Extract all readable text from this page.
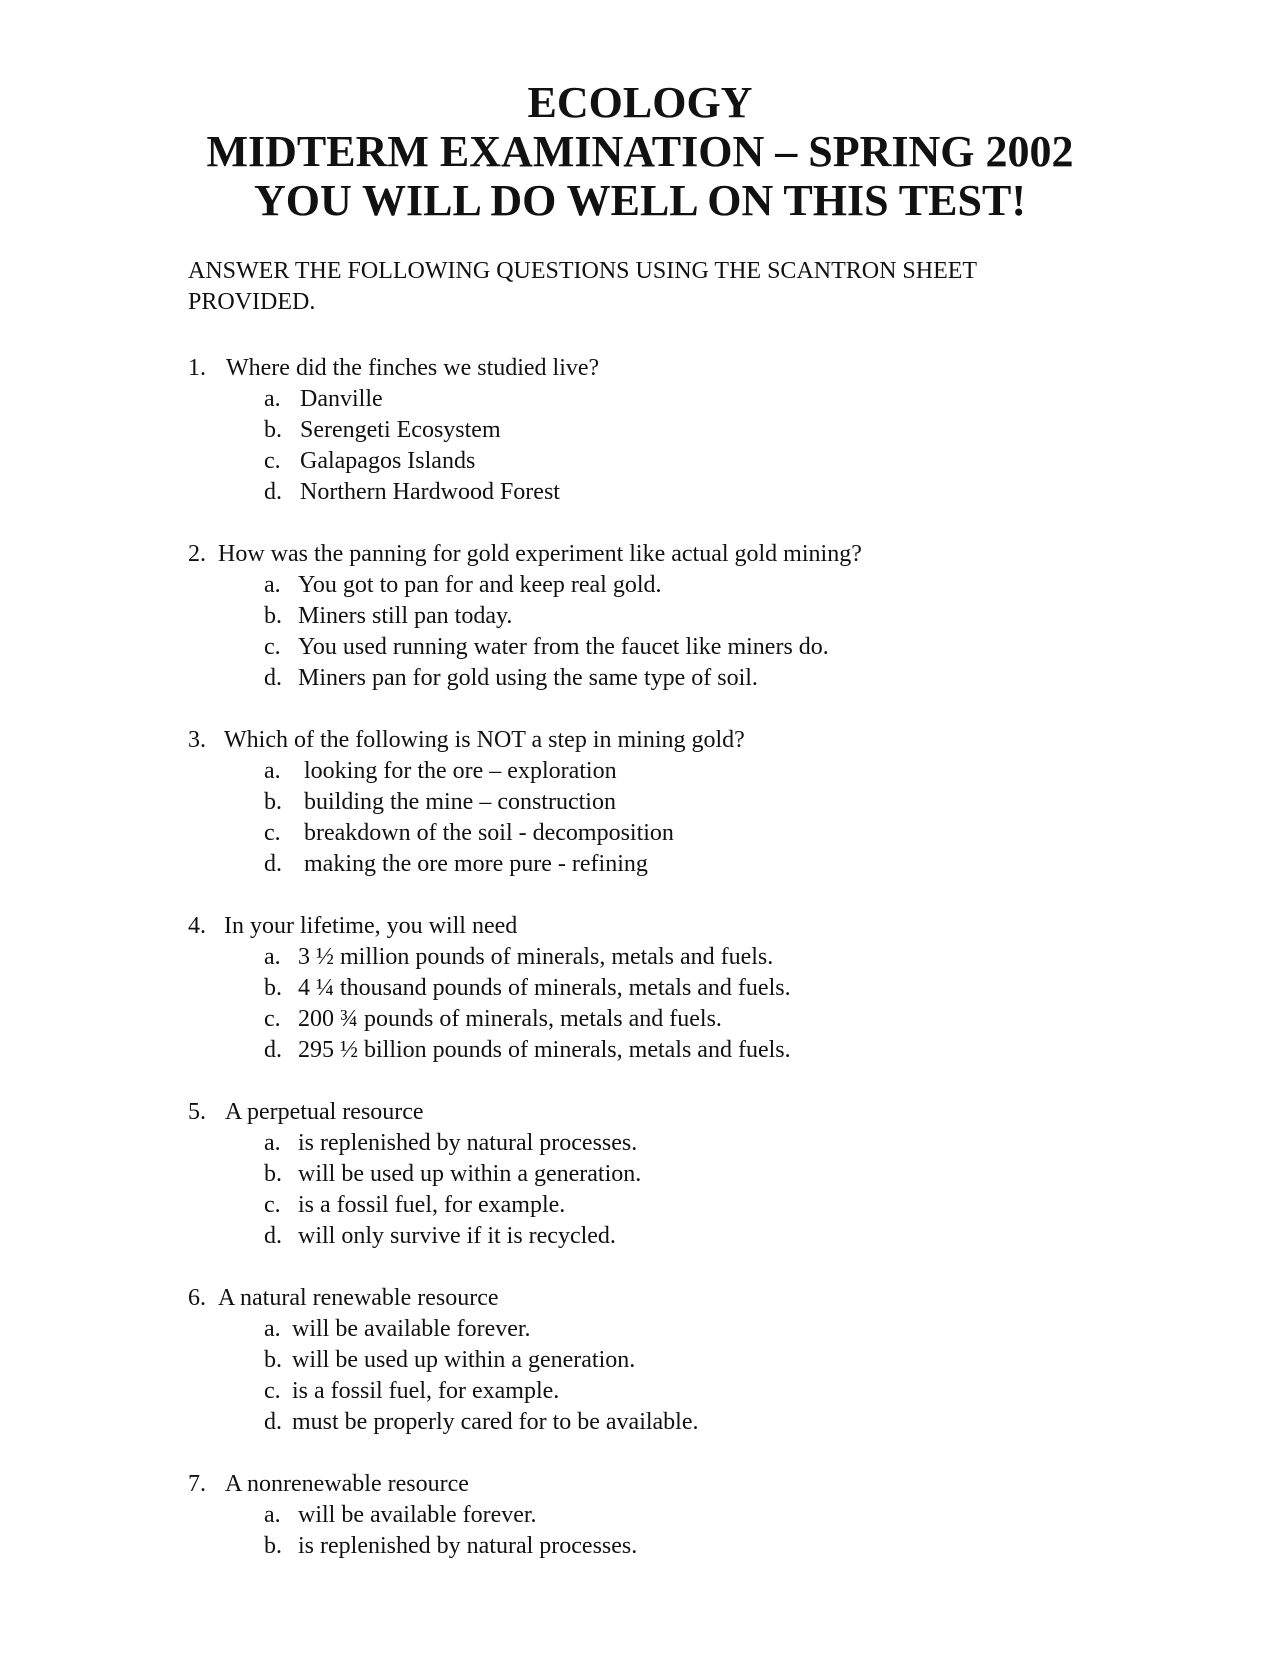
ECOLOGY
MIDTERM EXAMINATION – SPRING 2002
YOU WILL DO WELL ON THIS TEST!
ANSWER THE FOLLOWING QUESTIONS USING THE SCANTRON SHEET PROVIDED.
1. Where did the finches we studied live?
a. Danville
b. Serengeti Ecosystem
c. Galapagos Islands
d. Northern Hardwood Forest
2. How was the panning for gold experiment like actual gold mining?
a. You got to pan for and keep real gold.
b. Miners still pan today.
c. You used running water from the faucet like miners do.
d. Miners pan for gold using the same type of soil.
3. Which of the following is NOT a step in mining gold?
a. looking for the ore – exploration
b. building the mine – construction
c. breakdown of the soil - decomposition
d. making the ore more pure - refining
4. In your lifetime, you will need
a. 3 ½ million pounds of minerals, metals and fuels.
b. 4 ¼ thousand pounds of minerals, metals and fuels.
c. 200 ¾ pounds of minerals, metals and fuels.
d. 295 ½ billion pounds of minerals, metals and fuels.
5. A perpetual resource
a. is replenished by natural processes.
b. will be used up within a generation.
c. is a fossil fuel, for example.
d. will only survive if it is recycled.
6. A natural renewable resource
a. will be available forever.
b. will be used up within a generation.
c. is a fossil fuel, for example.
d. must be properly cared for to be available.
7. A nonrenewable resource
a. will be available forever.
b. is replenished by natural processes.
